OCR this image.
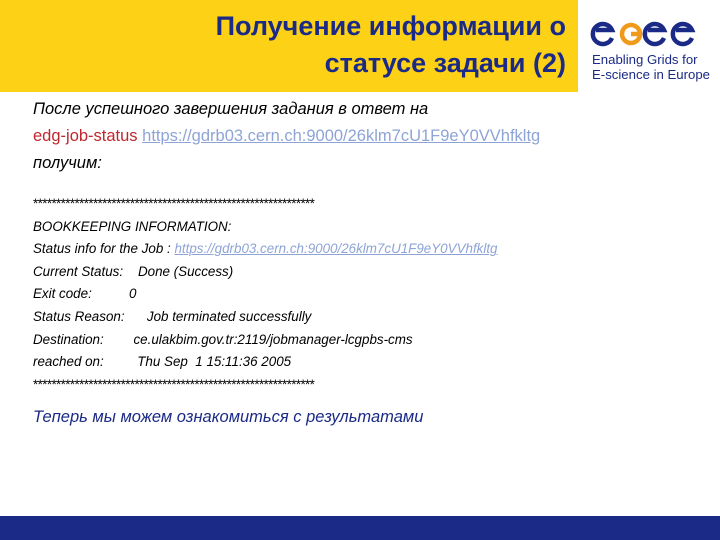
Получение информации о
статусе задачи (2) Enabling Grids for
E-science in Europe
После успешного завершения задания в ответ на
edg-job-status https://gdrb03.cern.ch:9000/26klm7cU1F9eY0VVhfkltg
получим:
*************************************************************
BOOKKEEPING INFORMATION:
Status info for the Job : https://gdrb03.cern.ch:9000/26klm7cU1F9eY0VVhfkltg
Current Status: Done (Success)
Exit code:	0
Status Reason: Job terminated successfully
Destination: ce.ulakbim.gov.tr:2119/jobmanager-lcgpbs-cms
reached on: Thu Sep  1 15:11:36 2005
*************************************************************
Теперь мы можем ознакомиться с результатами
